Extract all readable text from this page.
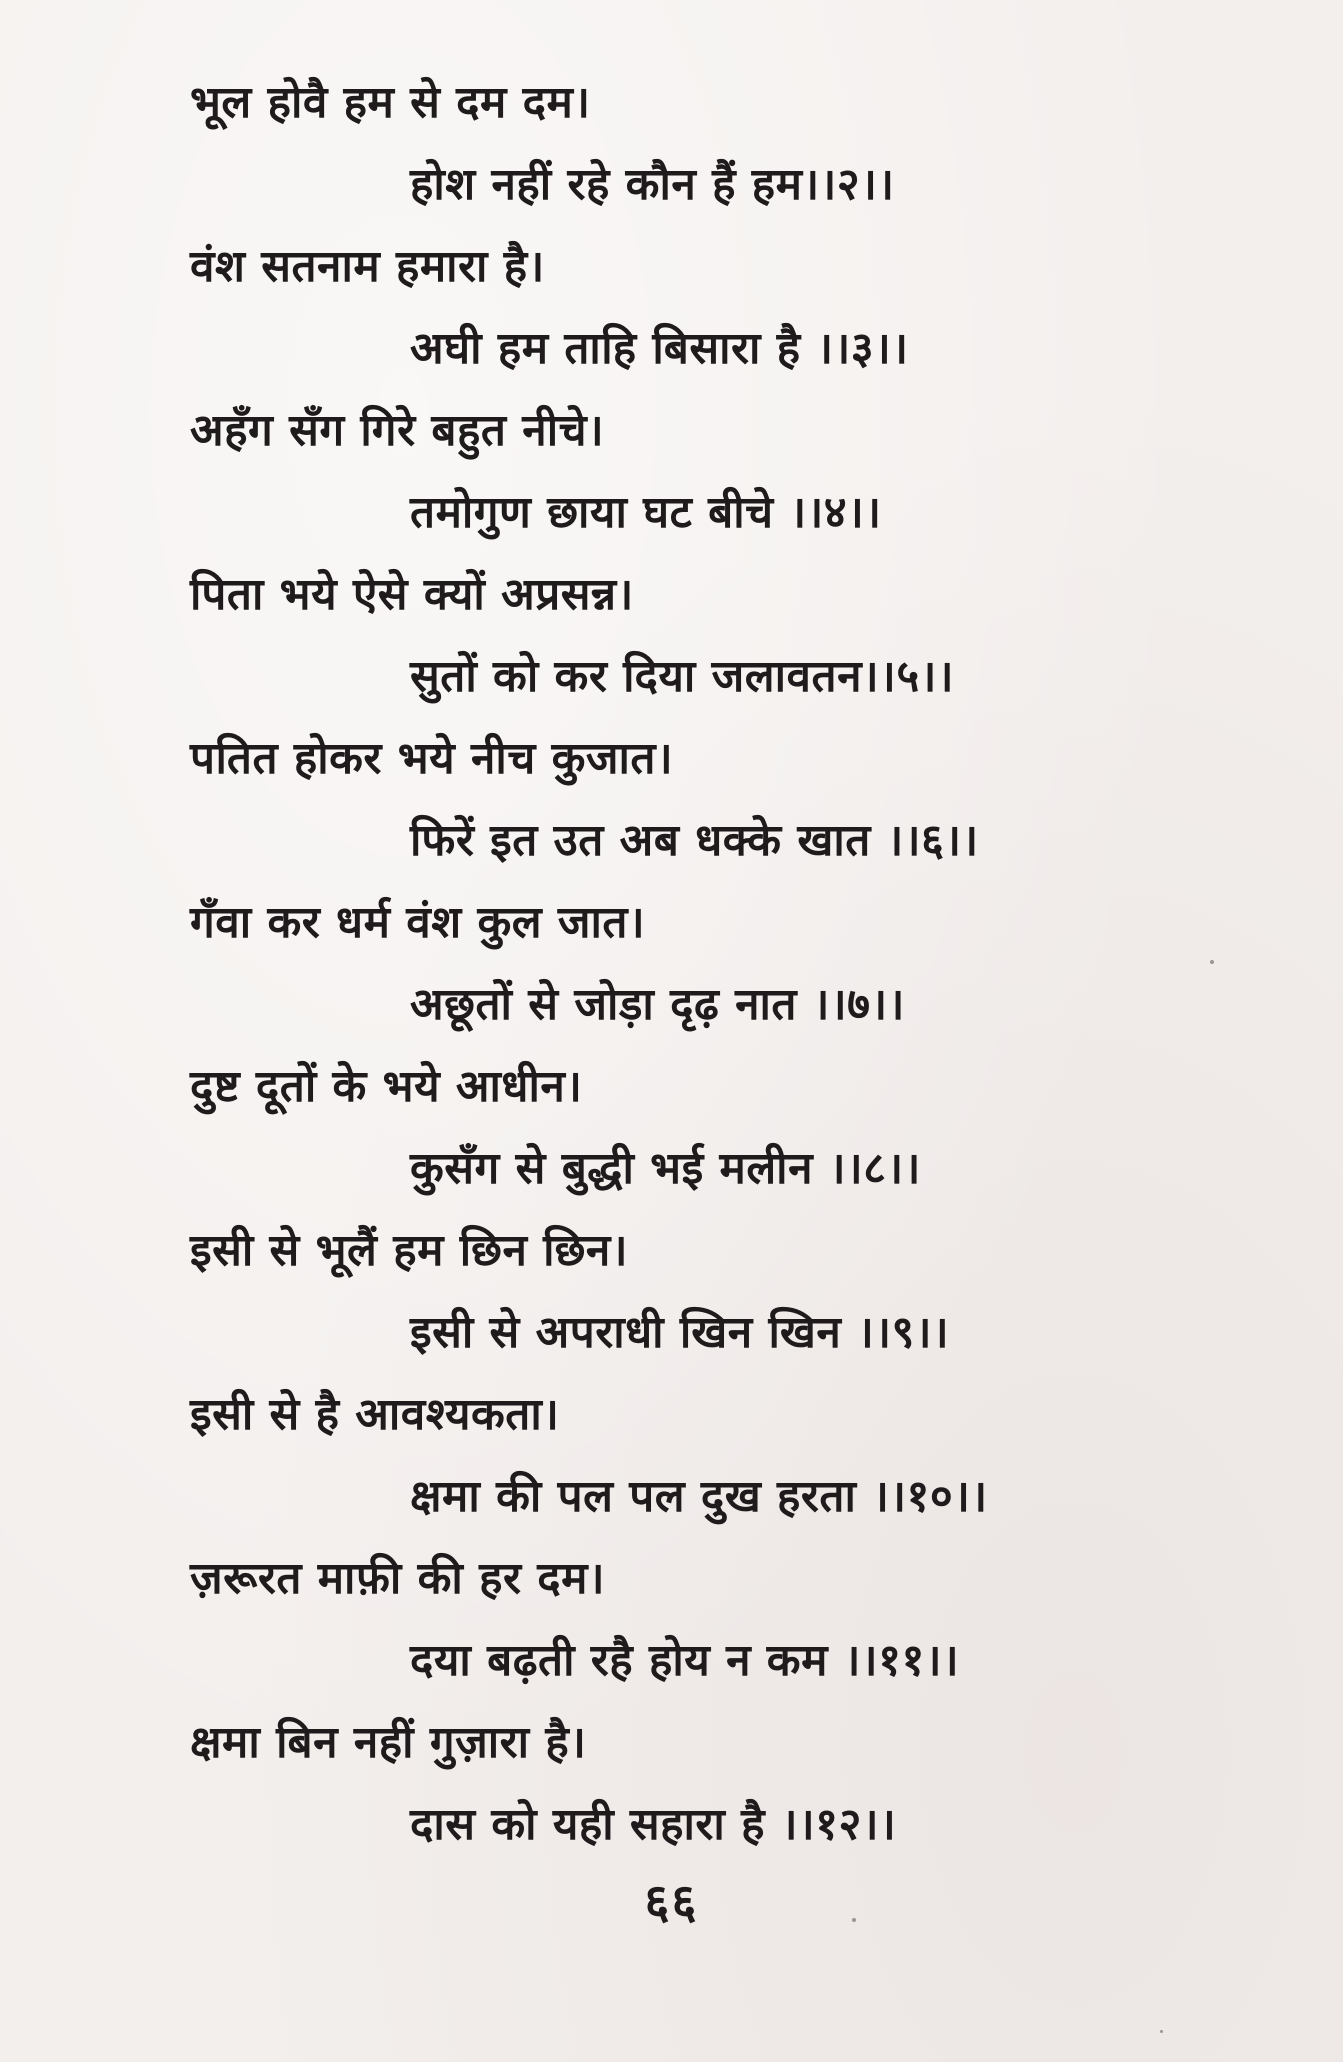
भूल होवै हम से दम दम।
होश नहीं रहे कौन हैं हम।।२।।
वंश सतनाम हमारा है।
अघी हम ताहि बिसारा है ।।३।।
अहँग सँग गिरे बहुत नीचे।
तमोगुण छाया घट बीचे ।।४।।
पिता भये ऐसे क्यों अप्रसन्न।
सुतों को कर दिया जलावतन।।५।।
पतित होकर भये नीच कुजात।
फिरें इत उत अब धक्के खात ।।६।।
गँवा कर धर्म वंश कुल जात।
अछूतों से जोड़ा दृढ़ नात ।।७।।
दुष्ट दूतों के भये आधीन।
कुसँग से बुद्धी भई मलीन ।।८।।
इसी से भूलैं हम छिन छिन।
इसी से अपराधी खिन खिन ।।९।।
इसी से है आवश्यकता।
क्षमा की पल पल दुख हरता ।।१०।।
ज़रूरत माफ़ी की हर दम।
दया बढ़ती रहै होय न कम ।।११।।
क्षमा बिन नहीं गुज़ारा है।
दास को यही सहारा है ।।१२।।
६६
